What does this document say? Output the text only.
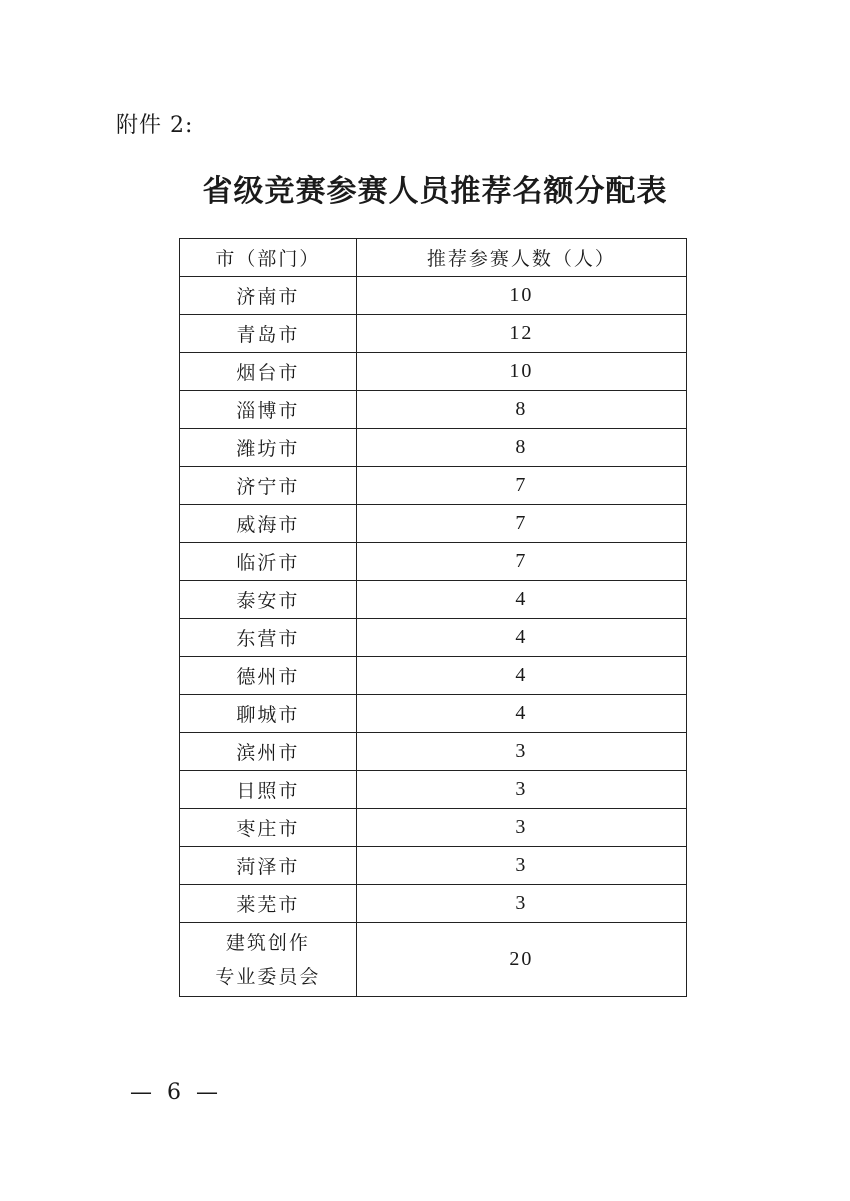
附件 2:
省级竞赛参赛人员推荐名额分配表
市（部门）	推荐参赛人数（人）
济南市	10
青岛市	12
烟台市	10
淄博市	8
潍坊市	8
济宁市	7
威海市	7
临沂市	7
泰安市	4
东营市	4
德州市	4
聊城市	4
滨州市	3
日照市	3
枣庄市	3
菏泽市	3
莱芜市	3

建筑创作
专业委员会	20
— 6 —
